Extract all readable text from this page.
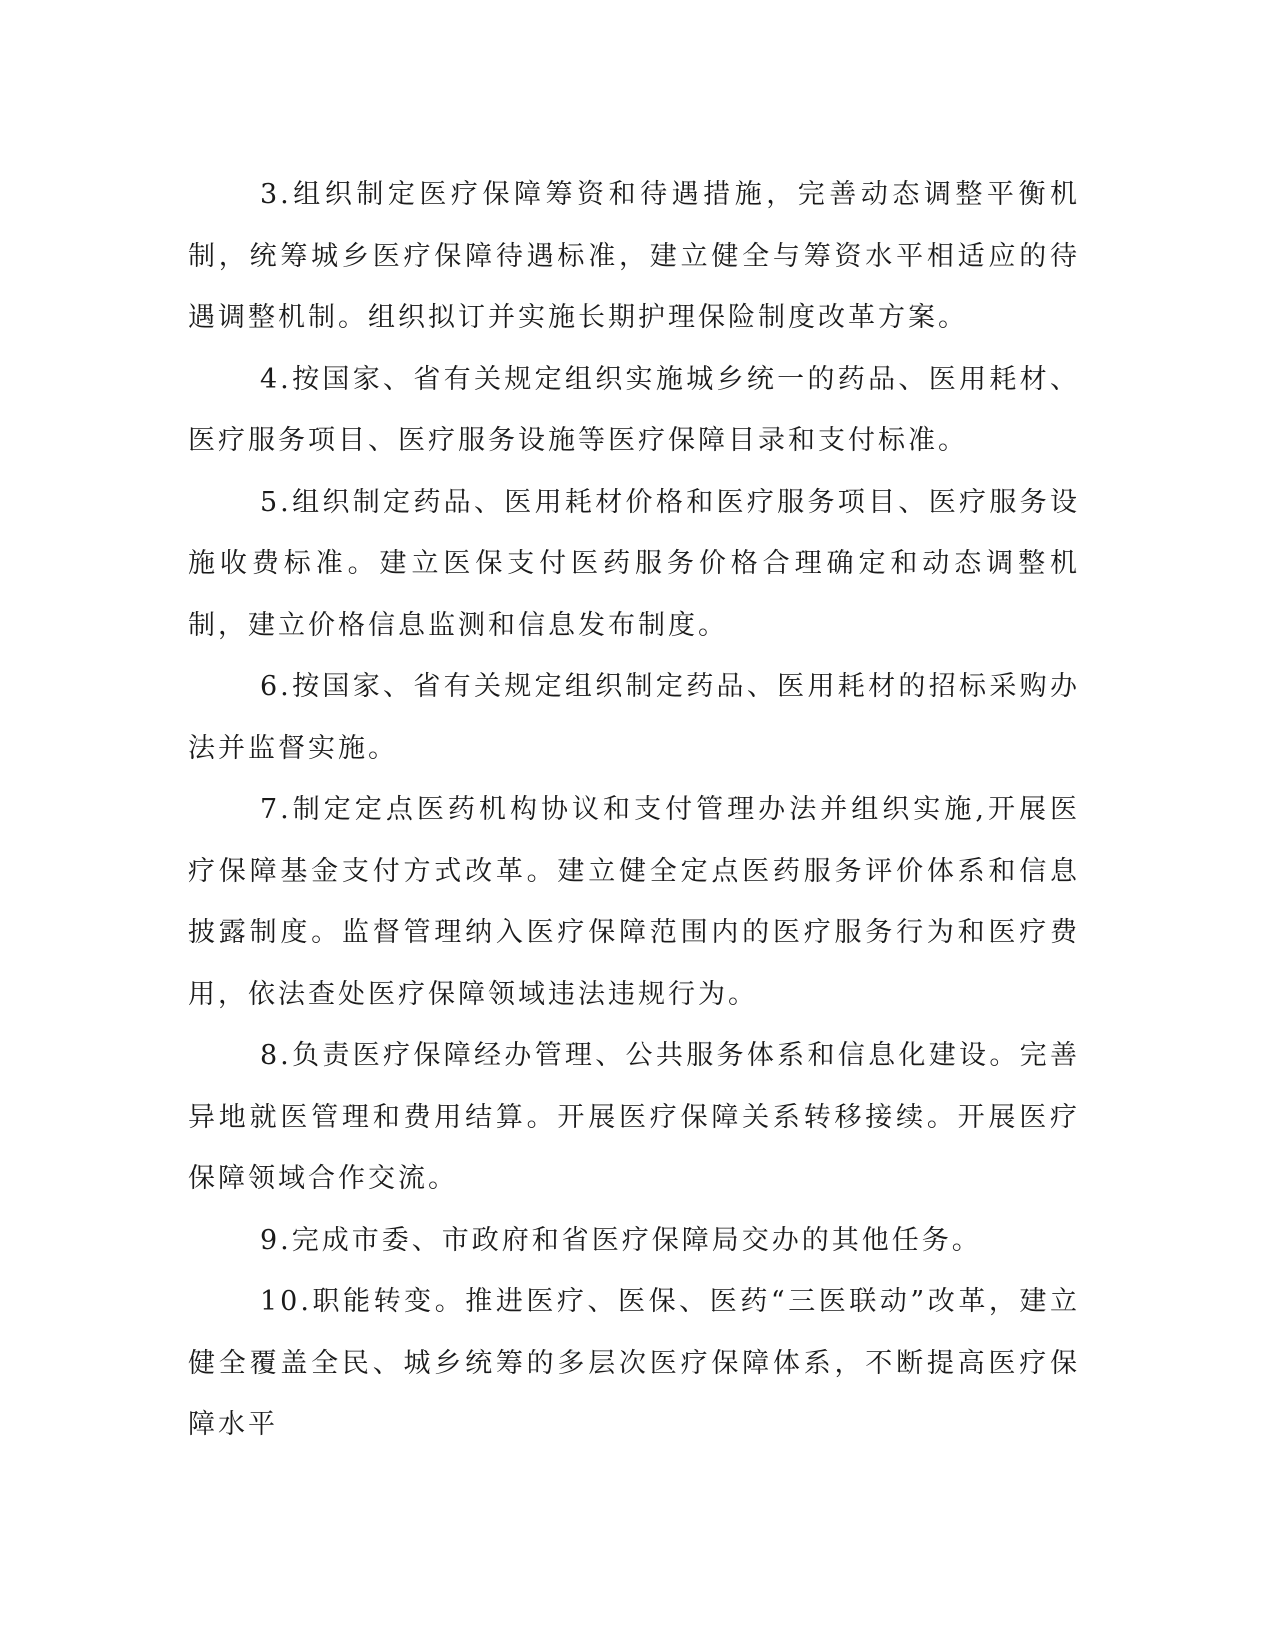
3.组织制定医疗保障筹资和待遇措施，完善动态调整平衡机制，统筹城乡医疗保障待遇标准，建立健全与筹资水平相适应的待遇调整机制。组织拟订并实施长期护理保险制度改革方案。

4.按国家、省有关规定组织实施城乡统一的药品、医用耗材、医疗服务项目、医疗服务设施等医疗保障目录和支付标准。

5.组织制定药品、医用耗材价格和医疗服务项目、医疗服务设施收费标准。建立医保支付医药服务价格合理确定和动态调整机制，建立价格信息监测和信息发布制度。

6.按国家、省有关规定组织制定药品、医用耗材的招标采购办法并监督实施。

7.制定定点医药机构协议和支付管理办法并组织实施,开展医疗保障基金支付方式改革。建立健全定点医药服务评价体系和信息披露制度。监督管理纳入医疗保障范围内的医疗服务行为和医疗费用，依法查处医疗保障领域违法违规行为。

8.负责医疗保障经办管理、公共服务体系和信息化建设。完善异地就医管理和费用结算。开展医疗保障关系转移接续。开展医疗保障领域合作交流。

9.完成市委、市政府和省医疗保障局交办的其他任务。

10.职能转变。推进医疗、医保、医药“三医联动”改革，建立健全覆盖全民、城乡统筹的多层次医疗保障体系，不断提高医疗保障水平
